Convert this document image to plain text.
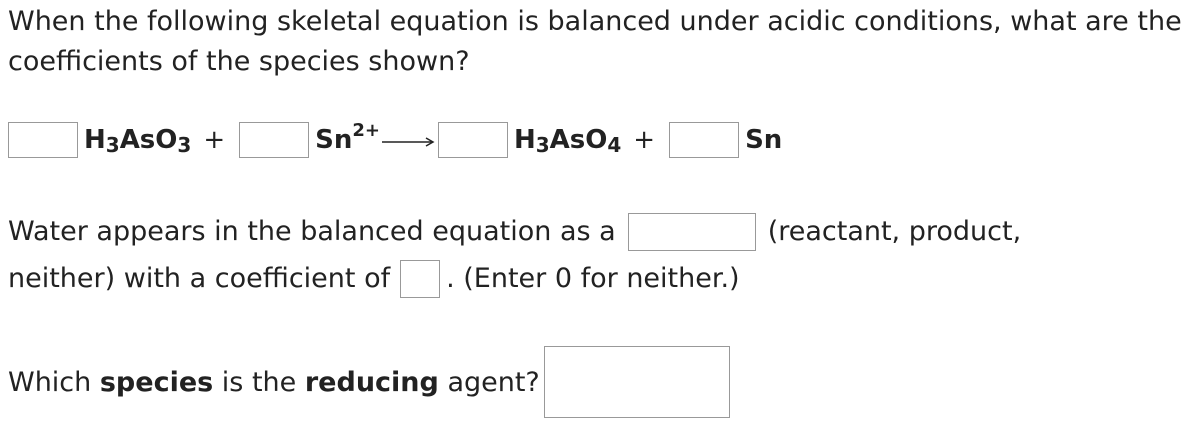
When the following skeletal equation is balanced under acidic conditions, what are the coefficients of the species shown?

$H_3AsO_3$ +	$Sn^{2+}$ →	$H_3AsO_4$ +	Sn
Water appears in the balanced equation as a	(reactant, product,
neither) with a coefficient of . (Enter 0 for neither.)
Which species is the reducing agent?
